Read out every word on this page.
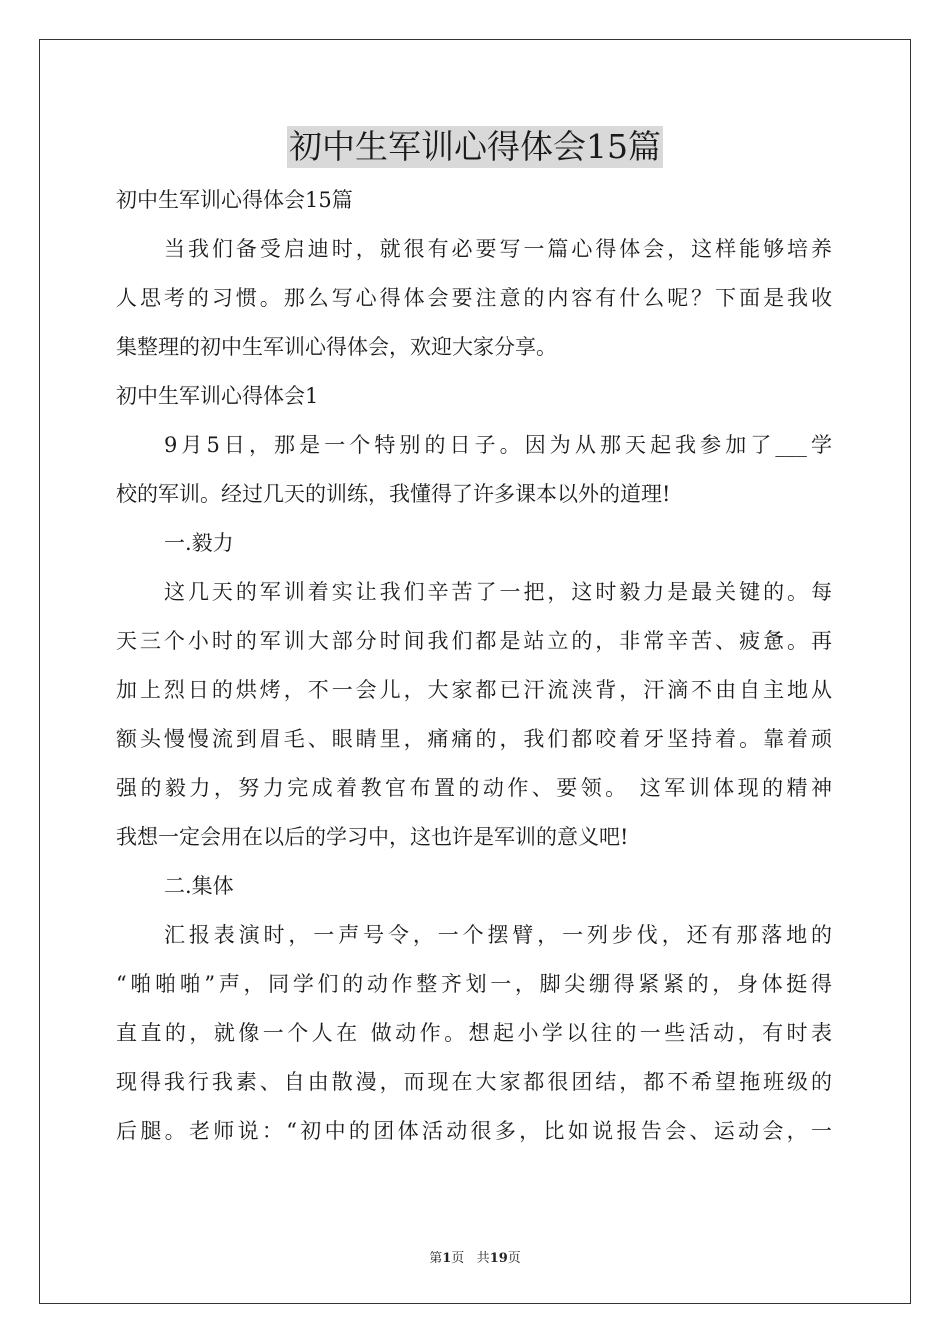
初中生军训心得体会15篇
初中生军训心得体会15篇
当我们备受启迪时，就很有必要写一篇心得体会，这样能够培养
人思考的习惯。那么写心得体会要注意的内容有什么呢？下面是我收
集整理的初中生军训心得体会，欢迎大家分享。
初中生军训心得体会1
9月5日，那是一个特别的日子。因为从那天起我参加了___学
校的军训。经过几天的训练，我懂得了许多课本以外的道理!
一.毅力
这几天的军训着实让我们辛苦了一把，这时毅力是最关键的。每
天三个小时的军训大部分时间我们都是站立的，非常辛苦、疲惫。再
加上烈日的烘烤，不一会儿，大家都已汗流浃背，汗滴不由自主地从
额头慢慢流到眉毛、眼睛里，痛痛的，我们都咬着牙坚持着。靠着顽
强的毅力，努力完成着教官布置的动作、要领。 这军训体现的精神
我想一定会用在以后的学习中，这也许是军训的意义吧!
二.集体
汇报表演时，一声号令，一个摆臂，一列步伐，还有那落地的
“啪啪啪”声，同学们的动作整齐划一，脚尖绷得紧紧的，身体挺得
直直的，就像一个人在 做动作。想起小学以往的一些活动，有时表
现得我行我素、自由散漫，而现在大家都很团结，都不希望拖班级的
后腿。老师说：“初中的团体活动很多，比如说报告会、运动会，一
第1页 共19页
